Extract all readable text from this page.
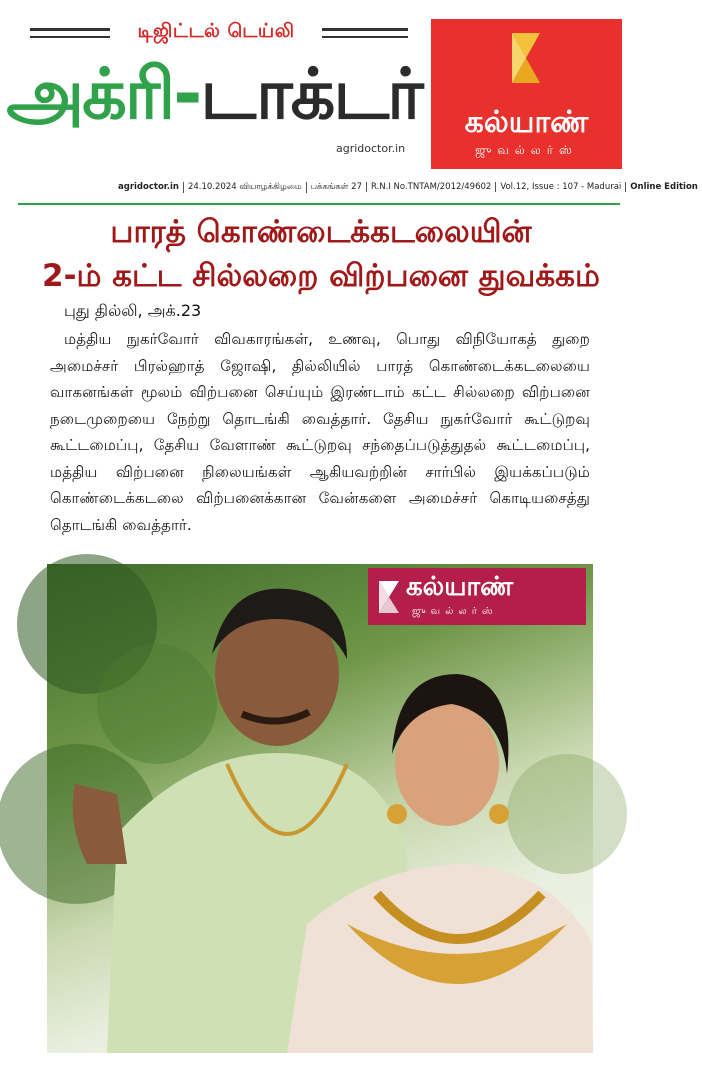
டிஜிட்டல் டெய்லி
அக்ரி- டாக்டர்
agridoctor.in
கல்யாண்
ஜுவல்லர்ஸ்
agridoctor.in	24.10.2024 வியாழக்கிழமை	பக்கங்கள் 27	R.N.I No.TNTAM/2012/49602	Vol.12, Issue : 107 - Madurai	Online Edition
பாரத் கொண்டைக்கடலையின்
2-ம் கட்ட சில்லறை விற்பனை துவக்கம்
புது தில்லி, அக்.23
மத்திய நுகர்வோர் விவகாரங்கள், உணவு, பொது விநியோகத் துறை அமைச்சர் பிரல்ஹாத் ஜோஷி, தில்லியில் பாரத் கொண்டைக்கடலையை வாகனங்கள் மூலம் விற்பனை செய்யும் இரண்டாம் கட்ட சில்லறை விற்பனை நடைமுறையை நேற்று தொடங்கி வைத்தார். தேசிய நுகர்வோர் கூட்டுறவு கூட்டமைப்பு, தேசிய வேளாண் கூட்டுறவு சந்தைப்படுத்துதல் கூட்டமைப்பு, மத்திய விற்பனை நிலையங்கள் ஆகியவற்றின் சார்பில் இயக்கப்படும் கொண்டைக்கடலை விற்பனைக்கான வேன்களை அமைச்சர் கொடியசைத்து தொடங்கி வைத்தார்.
கல்யாண்
ஜுவல்லர்ஸ்
